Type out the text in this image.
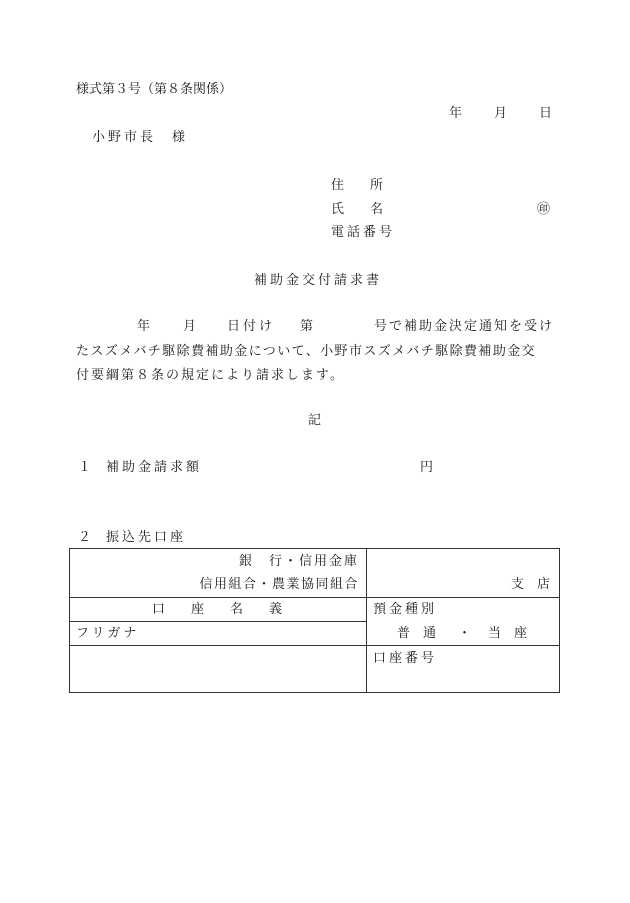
様式第３号（第８条関係）
年 月 日
小野市長　様
住　　所
氏　　名	㊞
電話番号
補助金交付請求書
年	月 日付け 第	号で補助金決定通知を受け
たスズメバチ駆除費補助金について、小野市スズメバチ駆除費補助金交
付要綱第８条の規定により請求します。
記
１ 補助金請求額	円
２ 振込先口座
銀　行・信用金庫
信用組合・農業協同組合	支　店
口　　座　　名　　義	預金種別
フリガナ	普　通 ・ 当　座
口座番号
